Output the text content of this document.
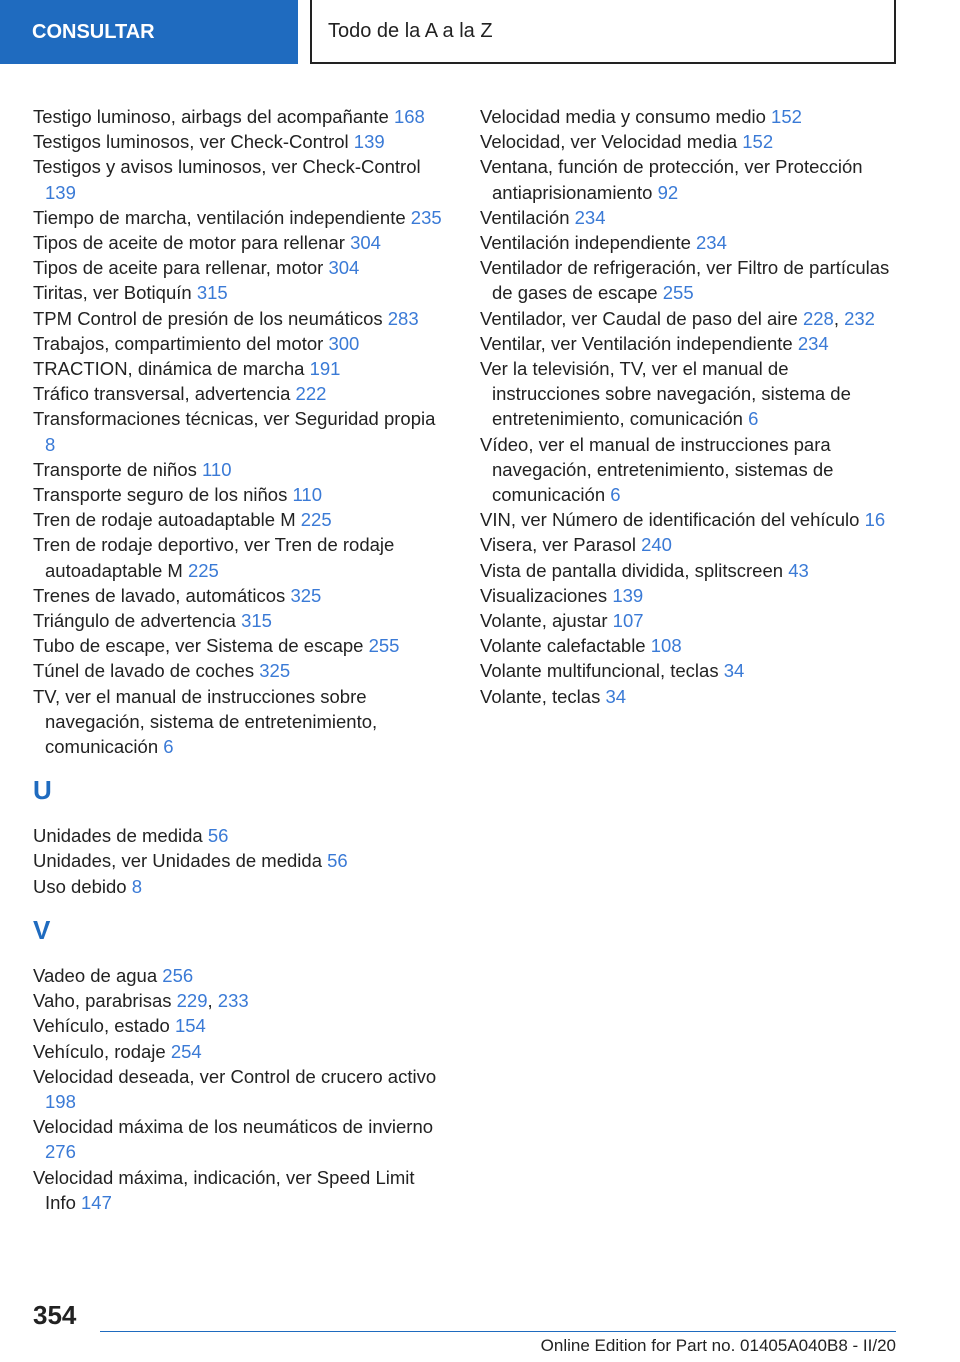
CONSULTAR	Todo de la A a la Z

Testigo luminoso, airbags del acompañante 168

Testigos luminosos, ver Check-Control 139

Testigos y avisos luminosos, ver Check-Control 139

Tiempo de marcha, ventilación independiente 235

Tipos de aceite de motor para rellenar 304

Tipos de aceite para rellenar, motor 304

Tiritas, ver Botiquín 315

TPM Control de presión de los neumáticos 283

Trabajos, compartimiento del motor 300

TRACTION, dinámica de marcha 191

Tráfico transversal, advertencia 222

Transformaciones técnicas, ver Seguridad propia 8

Transporte de niños 110

Transporte seguro de los niños 110

Tren de rodaje autoadaptable M 225

Tren de rodaje deportivo, ver Tren de rodaje autoadaptable M 225

Trenes de lavado, automáticos 325

Triángulo de advertencia 315

Tubo de escape, ver Sistema de escape 255

Túnel de lavado de coches 325

TV, ver el manual de instrucciones sobre navegación, sistema de entretenimiento, comunicación 6

U

Unidades de medida 56

Unidades, ver Unidades de medida 56

Uso debido 8

V

Vadeo de agua 256

Vaho, parabrisas 229, 233

Vehículo, estado 154

Vehículo, rodaje 254

Velocidad deseada, ver Control de crucero activo 198

Velocidad máxima de los neumáticos de invierno 276

Velocidad máxima, indicación, ver Speed Limit Info 147

Velocidad media y consumo medio 152

Velocidad, ver Velocidad media 152

Ventana, función de protección, ver Protección antiaprisionamiento 92

Ventilación 234

Ventilación independiente 234

Ventilador de refrigeración, ver Filtro de partículas de gases de escape 255

Ventilador, ver Caudal de paso del aire 228, 232

Ventilar, ver Ventilación independiente 234

Ver la televisión, TV, ver el manual de instrucciones sobre navegación, sistema de entretenimiento, comunicación 6

Vídeo, ver el manual de instrucciones para navegación, entretenimiento, sistemas de comunicación 6

VIN, ver Número de identificación del vehículo 16

Visera, ver Parasol 240

Vista de pantalla dividida, splitscreen 43

Visualizaciones 139

Volante, ajustar 107

Volante calefactable 108

Volante multifuncional, teclas 34

Volante, teclas 34

354
Online Edition for Part no. 01405A040B8 - II/20
